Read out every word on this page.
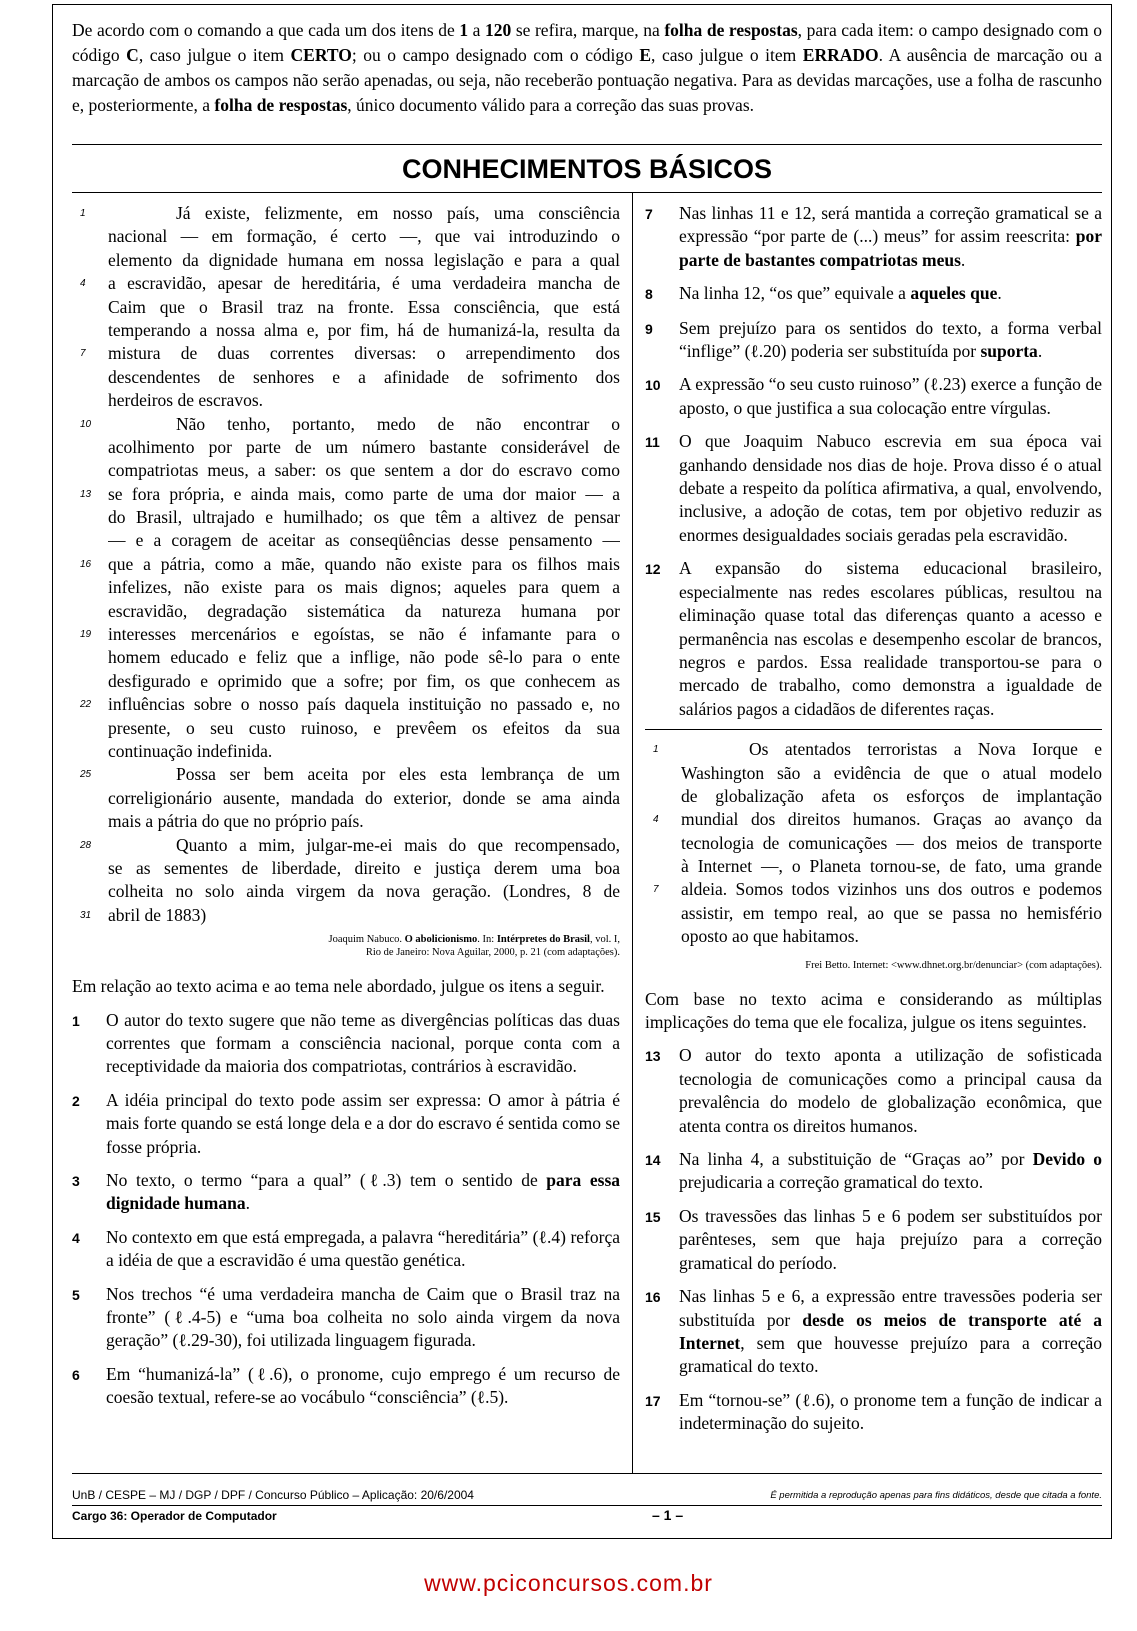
De acordo com o comando a que cada um dos itens de 1 a 120 se refira, marque, na folha de respostas, para cada item: o campo designado com o código C, caso julgue o item CERTO; ou o campo designado com o código E, caso julgue o item ERRADO. A ausência de marcação ou a marcação de ambos os campos não serão apenadas, ou seja, não receberão pontuação negativa. Para as devidas marcações, use a folha de rascunho e, posteriormente, a folha de respostas, único documento válido para a correção das suas provas.
CONHECIMENTOS BÁSICOS
1	Já existe, felizmente, em nosso país, uma consciência
nacional — em formação, é certo —, que vai introduzindo o
elemento da dignidade humana em nossa legislação e para a qual
4	a escravidão, apesar de hereditária, é uma verdadeira mancha de
Caim que o Brasil traz na fronte. Essa consciência, que está
temperando a nossa alma e, por fim, há de humanizá-la, resulta da
7	mistura de duas correntes diversas: o arrependimento dos
descendentes de senhores e a afinidade de sofrimento dos
herdeiros de escravos.
10	Não tenho, portanto, medo de não encontrar o
acolhimento por parte de um número bastante considerável de
compatriotas meus, a saber: os que sentem a dor do escravo como
13 se fora própria, e ainda mais, como parte de uma dor maior — a
do Brasil, ultrajado e humilhado; os que têm a altivez de pensar
— e a coragem de aceitar as conseqüências desse pensamento —
16 que a pátria, como a mãe, quando não existe para os filhos mais
infelizes, não existe para os mais dignos; aqueles para quem a
escravidão, degradação sistemática da natureza humana por
19 interesses mercenários e egoístas, se não é infamante para o
homem educado e feliz que a inflige, não pode sê-lo para o ente
desfigurado e oprimido que a sofre; por fim, os que conhecem as
22 influências sobre o nosso país daquela instituição no passado e, no
presente, o seu custo ruinoso, e prevêem os efeitos da sua
continuação indefinida.
25	Possa ser bem aceita por eles esta lembrança de um
correligionário ausente, mandada do exterior, donde se ama ainda
mais a pátria do que no próprio país.
28	Quanto a mim, julgar-me-ei mais do que recompensado,
se as sementes de liberdade, direito e justiça derem uma boa
colheita no solo ainda virgem da nova geração. (Londres, 8 de
31 abril de 1883)
Joaquim Nabuco. O abolicionismo. In: Intérpretes do Brasil, vol. I,
Rio de Janeiro: Nova Aguilar, 2000, p. 21 (com adaptações).
Em relação ao texto acima e ao tema nele abordado, julgue os itens a seguir.
1	O autor do texto sugere que não teme as divergências políticas das duas correntes que formam a consciência nacional, porque conta com a receptividade da maioria dos compatriotas, contrários à escravidão.
2	A idéia principal do texto pode assim ser expressa: O amor à pátria é mais forte quando se está longe dela e a dor do escravo é sentida como se fosse própria.
3	No texto, o termo “para a qual” (ℓ.3) tem o sentido de para essa dignidade humana.
4	No contexto em que está empregada, a palavra “hereditária” (ℓ.4) reforça a idéia de que a escravidão é uma questão genética.
5	Nos trechos “é uma verdadeira mancha de Caim que o Brasil traz na fronte” (ℓ.4-5) e “uma boa colheita no solo ainda virgem da nova geração” (ℓ.29-30), foi utilizada linguagem figurada.
6	Em “humanizá-la” (ℓ.6), o pronome, cujo emprego é um recurso de coesão textual, refere-se ao vocábulo “consciência” (ℓ.5).
7	Nas linhas 11 e 12, será mantida a correção gramatical se a expressão “por parte de (...) meus” for assim reescrita: por parte de bastantes compatriotas meus.
8	Na linha 12, “os que” equivale a aqueles que.
9	Sem prejuízo para os sentidos do texto, a forma verbal “inflige” (ℓ.20) poderia ser substituída por suporta.
10	A expressão “o seu custo ruinoso” (ℓ.23) exerce a função de aposto, o que justifica a sua colocação entre vírgulas.
11	O que Joaquim Nabuco escrevia em sua época vai ganhando densidade nos dias de hoje. Prova disso é o atual debate a respeito da política afirmativa, a qual, envolvendo, inclusive, a adoção de cotas, tem por objetivo reduzir as enormes desigualdades sociais geradas pela escravidão.
12	A expansão do sistema educacional brasileiro, especialmente nas redes escolares públicas, resultou na eliminação quase total das diferenças quanto a acesso e permanência nas escolas e desempenho escolar de brancos, negros e pardos. Essa realidade transportou-se para o mercado de trabalho, como demonstra a igualdade de salários pagos a cidadãos de diferentes raças.
1	Os atentados terroristas a Nova Iorque e
Washington são a evidência de que o atual modelo
de globalização afeta os esforços de implantação
4	mundial dos direitos humanos. Graças ao avanço da
tecnologia de comunicações — dos meios de transporte
à Internet —, o Planeta tornou-se, de fato, uma grande
7	aldeia. Somos todos vizinhos uns dos outros e podemos
assistir, em tempo real, ao que se passa no hemisfério
oposto ao que habitamos.
Frei Betto. Internet: <www.dhnet.org.br/denunciar> (com adaptações).
Com base no texto acima e considerando as múltiplas implicações do tema que ele focaliza, julgue os itens seguintes.
13	O autor do texto aponta a utilização de sofisticada tecnologia de comunicações como a principal causa da prevalência do modelo de globalização econômica, que atenta contra os direitos humanos.
14	Na linha 4, a substituição de “Graças ao” por Devido o prejudicaria a correção gramatical do texto.
15	Os travessões das linhas 5 e 6 podem ser substituídos por parênteses, sem que haja prejuízo para a correção gramatical do período.
16	Nas linhas 5 e 6, a expressão entre travessões poderia ser substituída por desde os meios de transporte até a Internet, sem que houvesse prejuízo para a correção gramatical do texto.
17	Em “tornou-se” (ℓ.6), o pronome tem a função de indicar a indeterminação do sujeito.
UnB / CESPE – MJ / DGP / DPF / Concurso Público – Aplicação: 20/6/2004	É permitida a reprodução apenas para fins didáticos, desde que citada a fonte.
Cargo 36: Operador de Computador	– 1 –
www.pciconcursos.com.br
